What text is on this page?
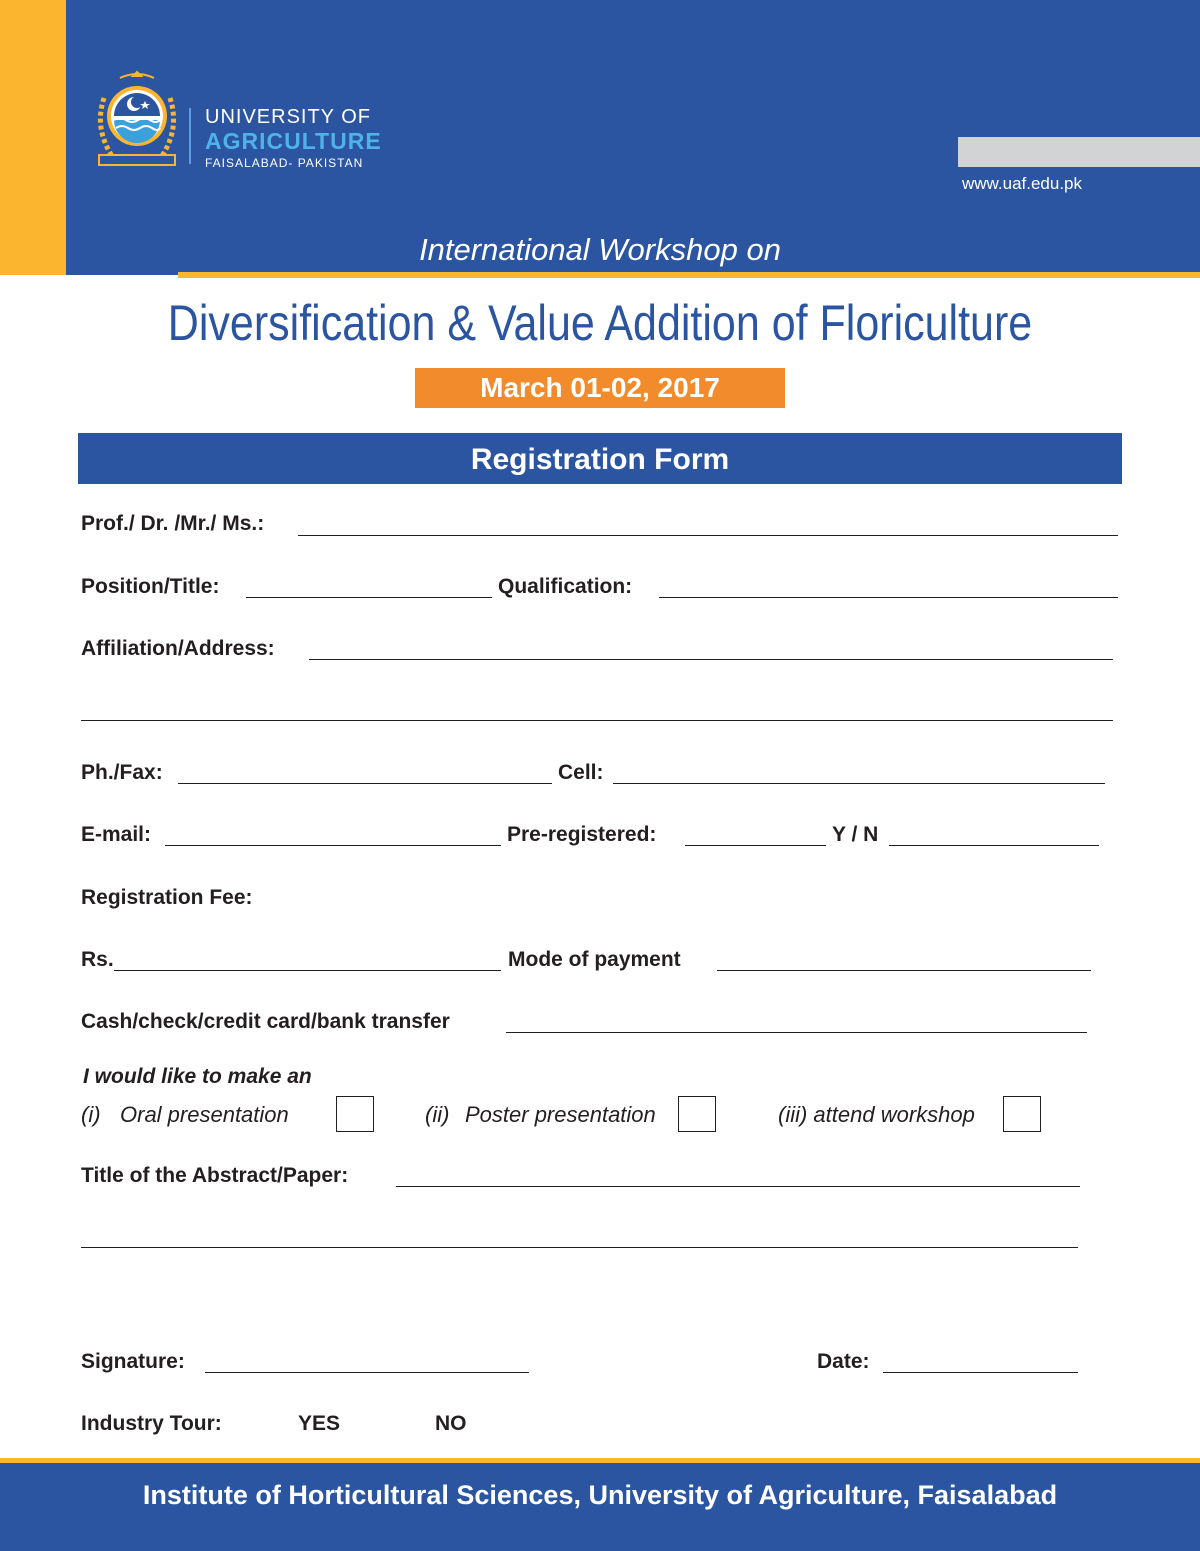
UNIVERSITY OF
AGRICULTURE
FAISALABAD- PAKISTAN
www.uaf.edu.pk
International Workshop on
Diversification & Value Addition of Floriculture
March 01-02, 2017
Registration Form
Prof./ Dr. /Mr./ Ms.:
Position/Title:	Qualification:
Affiliation/Address:
Ph./Fax:	Cell:
E-mail:	Pre-registered:	Y / N
Registration Fee:
Rs.	Mode of payment
Cash/check/credit card/bank transfer
I would like to make an
(i) Oral presentation	(ii) Poster presentation	(iii) attend workshop
Title of the Abstract/Paper:
Signature:	Date:
Industry Tour:	YES	NO
Institute of Horticultural Sciences, University of Agriculture, Faisalabad
